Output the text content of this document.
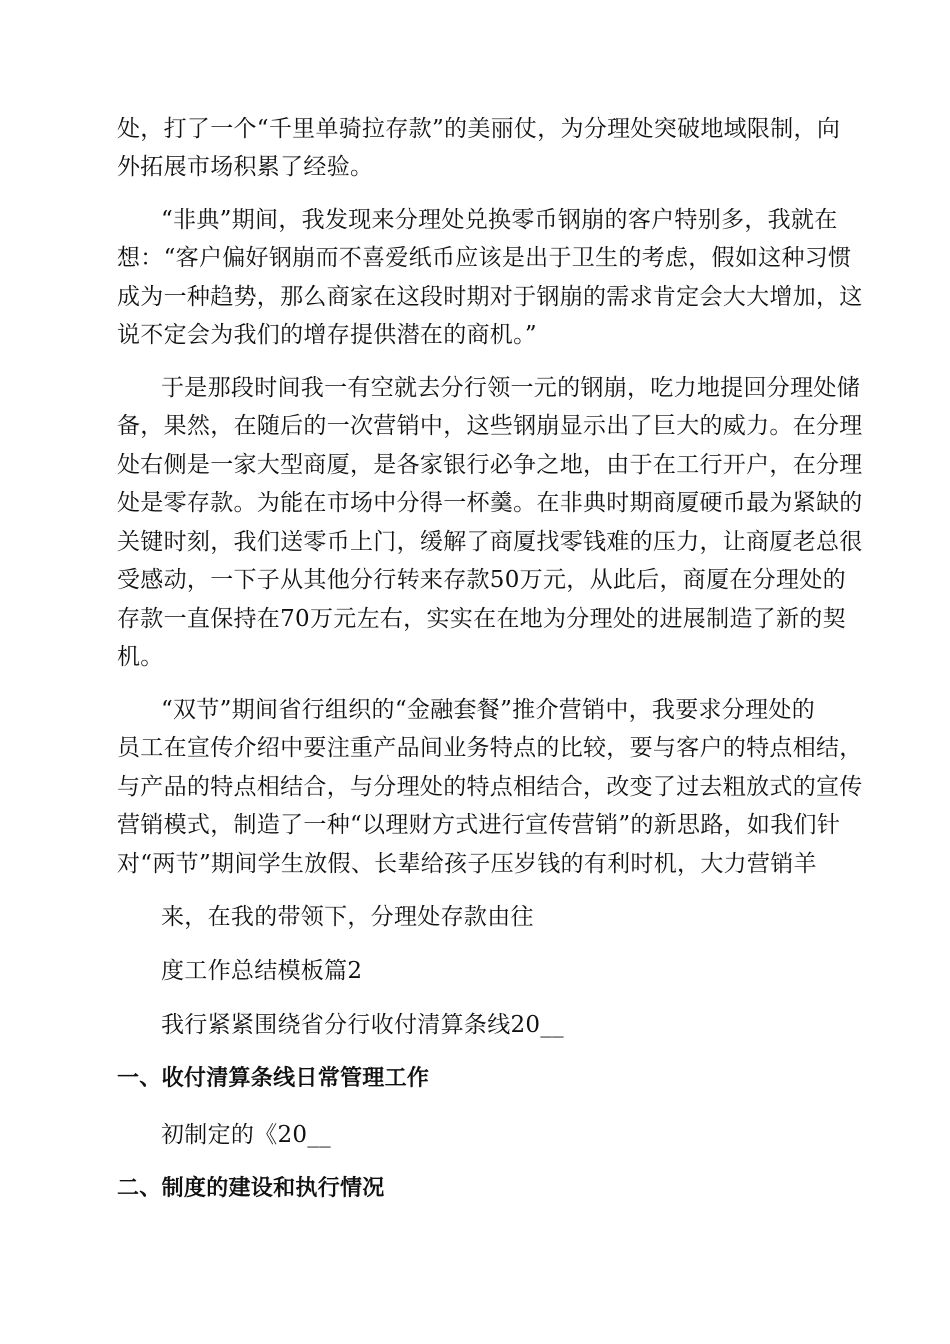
处，打了一个“千里单骑拉存款”的美丽仗，为分理处突破地域限制，向
外拓展市场积累了经验。
“非典”期间，我发现来分理处兑换零币钢崩的客户特别多，我就在
想：“客户偏好钢崩而不喜爱纸币应该是出于卫生的考虑，假如这种习惯
成为一种趋势，那么商家在这段时期对于钢崩的需求肯定会大大增加，这
说不定会为我们的增存提供潜在的商机。”
于是那段时间我一有空就去分行领一元的钢崩，吃力地提回分理处储
备，果然，在随后的一次营销中，这些钢崩显示出了巨大的威力。在分理
处右侧是一家大型商厦，是各家银行必争之地，由于在工行开户，在分理
处是零存款。为能在市场中分得一杯羹。在非典时期商厦硬币最为紧缺的
关键时刻，我们送零币上门，缓解了商厦找零钱难的压力，让商厦老总很
受感动，一下子从其他分行转来存款50万元，从此后，商厦在分理处的
存款一直保持在70万元左右，实实在在地为分理处的进展制造了新的契
机。
“双节”期间省行组织的“金融套餐”推介营销中，我要求分理处的
员工在宣传介绍中要注重产品间业务特点的比较，要与客户的特点相结，
与产品的特点相结合，与分理处的特点相结合，改变了过去粗放式的宣传
营销模式，制造了一种“以理财方式进行宣传营销”的新思路，如我们针
对“两节”期间学生放假、长辈给孩子压岁钱的有利时机，大力营销羊
来，在我的带领下，分理处存款由往
度工作总结模板篇2
我行紧紧围绕省分行收付清算条线20__
一、收付清算条线日常管理工作
初制定的《20__
二、制度的建设和执行情况
